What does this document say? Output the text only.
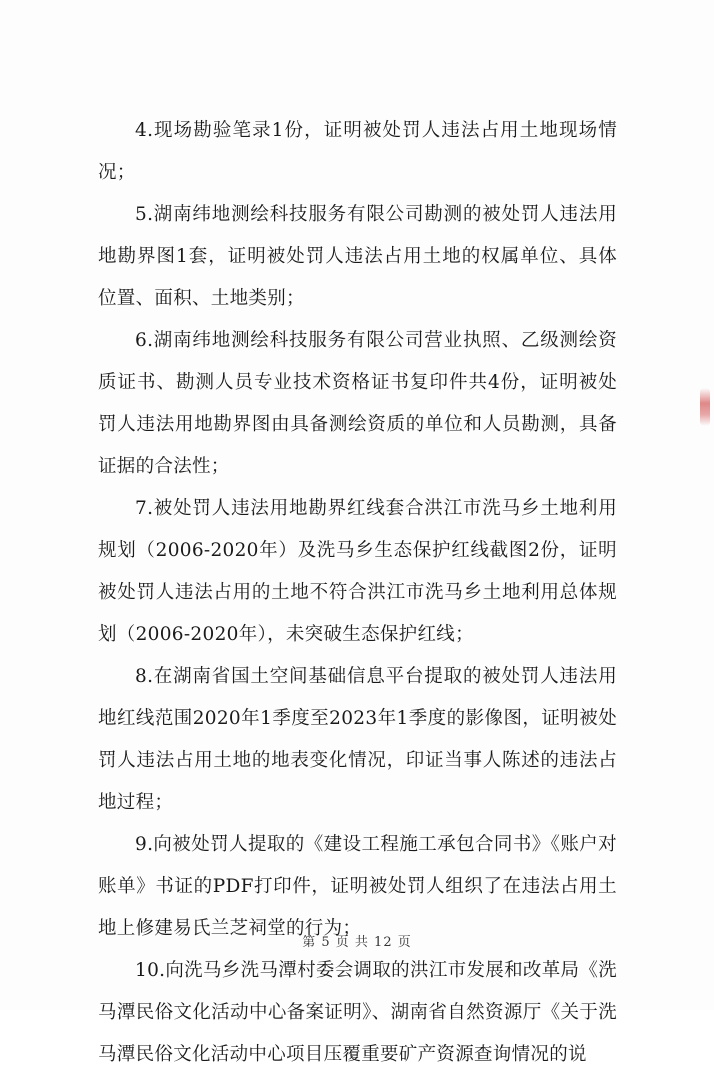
4.现场勘验笔录1份，证明被处罚人违法占用土地现场情况；

5.湖南纬地测绘科技服务有限公司勘测的被处罚人违法用地勘界图1套，证明被处罚人违法占用土地的权属单位、具体位置、面积、土地类别；

6.湖南纬地测绘科技服务有限公司营业执照、乙级测绘资质证书、勘测人员专业技术资格证书复印件共4份，证明被处罚人违法用地勘界图由具备测绘资质的单位和人员勘测，具备证据的合法性；

7.被处罚人违法用地勘界红线套合洪江市洗马乡土地利用规划（2006-2020年）及洗马乡生态保护红线截图2份，证明被处罚人违法占用的土地不符合洪江市洗马乡土地利用总体规划（2006-2020年），未突破生态保护红线；

8.在湖南省国土空间基础信息平台提取的被处罚人违法用地红线范围2020年1季度至2023年1季度的影像图，证明被处罚人违法占用土地的地表变化情况，印证当事人陈述的违法占地过程；

9.向被处罚人提取的《建设工程施工承包合同书》《账户对账单》书证的PDF打印件，证明被处罚人组织了在违法占用土地上修建易氏兰芝祠堂的行为；

10.向洗马乡洗马潭村委会调取的洪江市发展和改革局《洗马潭民俗文化活动中心备案证明》、湖南省自然资源厅《关于洗马潭民俗文化活动中心项目压覆重要矿产资源查询情况的说

第 5 页 共 12 页
